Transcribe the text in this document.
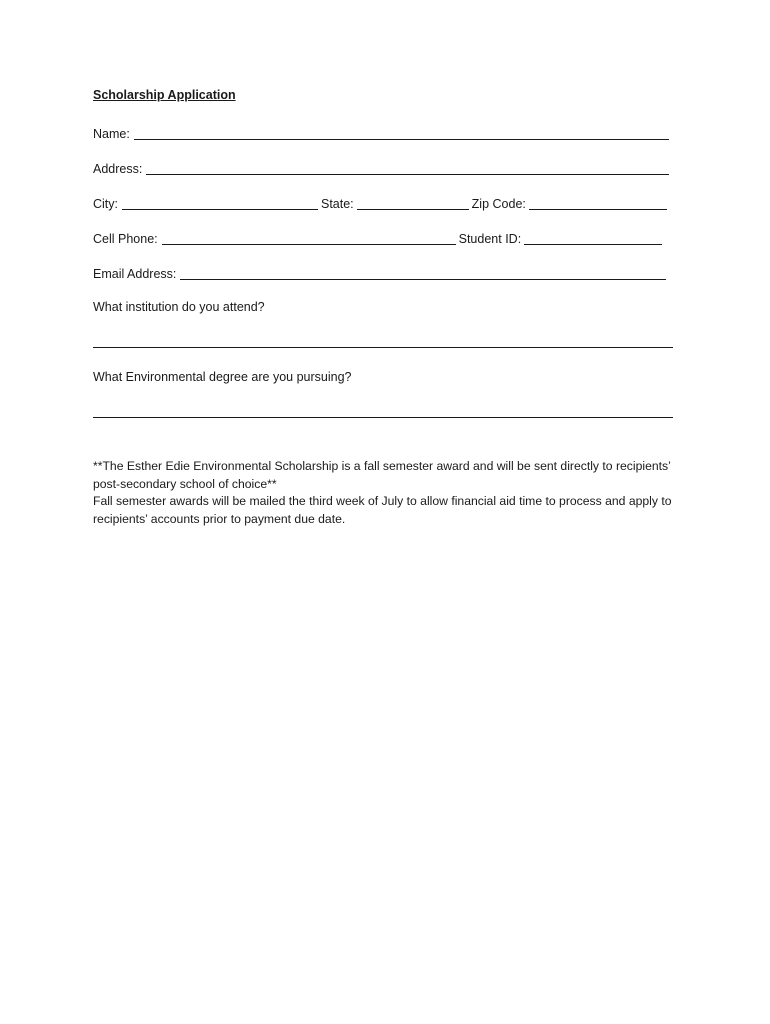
Scholarship Application
Name:
Address:
City:	State:	Zip Code:
Cell Phone:	Student ID:
Email Address:
What institution do you attend?
What Environmental degree are you pursuing?

**The Esther Edie Environmental Scholarship is a fall semester award and will be sent directly to recipients’ post-secondary school of choice**

Fall semester awards will be mailed the third week of July to allow financial aid time to process and apply to recipients’ accounts prior to payment due date.
